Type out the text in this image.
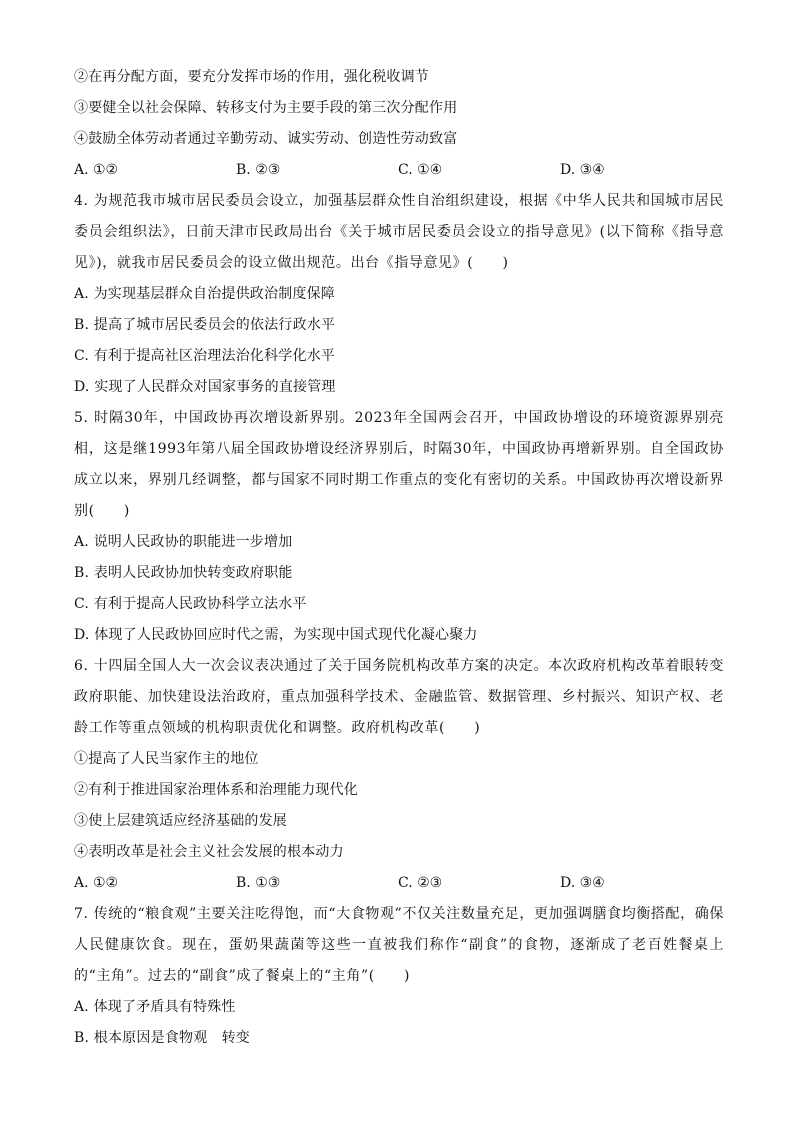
②在再分配方面，要充分发挥市场的作用，强化税收调节
③要健全以社会保障、转移支付为主要手段的第三次分配作用
④鼓励全体劳动者通过辛勤劳动、诚实劳动、创造性劳动致富
A. ①②	B. ②③	C. ①④	D. ③④
4. 为规范我市城市居民委员会设立，加强基层群众性自治组织建设，根据《中华人民共和国城市居民委员会组织法》，日前天津市民政局出台《关于城市居民委员会设立的指导意见》(以下简称《指导意见》)，就我市居民委员会的设立做出规范。出台《指导意见》(　　)
A. 为实现基层群众自治提供政治制度保障
B. 提高了城市居民委员会的依法行政水平
C. 有利于提高社区治理法治化科学化水平
D. 实现了人民群众对国家事务的直接管理
5. 时隔30年，中国政协再次增设新界别。2023年全国两会召开，中国政协增设的环境资源界别亮相，这是继1993年第八届全国政协增设经济界别后，时隔30年，中国政协再增新界别。自全国政协成立以来，界别几经调整，都与国家不同时期工作重点的变化有密切的关系。中国政协再次增设新界别(　　)
A. 说明人民政协的职能进一步增加
B. 表明人民政协加快转变政府职能
C. 有利于提高人民政协科学立法水平
D. 体现了人民政协回应时代之需，为实现中国式现代化凝心聚力
6. 十四届全国人大一次会议表决通过了关于国务院机构改革方案的决定。本次政府机构改革着眼转变政府职能、加快建设法治政府，重点加强科学技术、金融监管、数据管理、乡村振兴、知识产权、老龄工作等重点领域的机构职责优化和调整。政府机构改革(　　)
①提高了人民当家作主的地位
②有利于推进国家治理体系和治理能力现代化
③使上层建筑适应经济基础的发展
④表明改革是社会主义社会发展的根本动力
A. ①②	B. ①③	C. ②③	D. ③④
7. 传统的“粮食观”主要关注吃得饱，而“大食物观”不仅关注数量充足，更加强调膳食均衡搭配，确保人民健康饮食。现在，蛋奶果蔬菌等这些一直被我们称作“副食”的食物，逐渐成了老百姓餐桌上的“主角”。过去的“副食”成了餐桌上的“主角”(　　)
A. 体现了矛盾具有特殊性
B. 根本原因是食物观　转变
